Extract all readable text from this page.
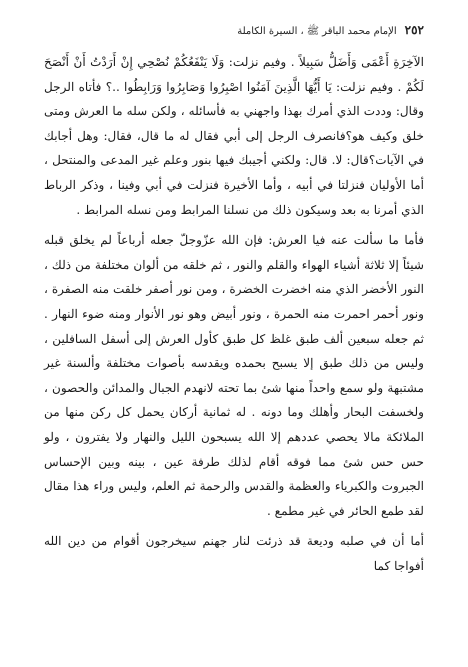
٢٥٢
الإمام محمد الباقر ﷺ ، السيرة الكاملة

الآخِرَةِ أَعْمَى وَأَضَلُّ سَبِيلاً . وفيم نزلت: وَلَا يَنْفَعُكُمْ نُصْحِي إِنْ أَرَدْتُ أَنْ أَنْصَحَ لَكُمْ . وفيم نزلت: يَا أَيُّهَا الَّذِينَ آمَنُوا اصْبِرُوا وَصَابِرُوا وَرَابِطُوا ..؟ فأتاه الرجل وقال: وددت الذي أمرك بهذا واجهني به فأسائله ، ولكن سله ما العرش ومتى خلق وكيف هو؟فانصرف الرجل إلى أبي فقال له ما قال، فقال: وهل أجابك في الآيات؟قال: لا. قال: ولكني أجيبك فيها بنور وعلم غير المدعى والمنتحل ، أما الأوليان فنزلتا في أبيه ، وأما الأخيرة فنزلت في أبي وفينا ، وذكر الرباط الذي أمرنا به بعد وسيكون ذلك من نسلنا المرابط ومن نسله المرابط .

فأما ما سألت عنه فيا العرش: فإن الله عزّوجلّ جعله أرباعاً لم يخلق قبله شيئاً إلا ثلاثة أشياء الهواء والقلم والنور ، ثم خلقه من ألوان مختلفة من ذلك ، النور الأخضر الذي منه اخضرت الخضرة ، ومن نور أصفر خلقت منه الصفرة ، ونور أحمر احمرت منه الحمرة ، ونور أبيض وهو نور الأنوار ومنه ضوء النهار . ثم جعله سبعين ألف طبق غلظ كل طبق كأول العرش إلى أسفل السافلين ، وليس من ذلك طبق إلا يسبح بحمده ويقدسه بأصوات مختلفة وألسنة غير مشتبهة ولو سمع واحداً منها شئ بما تحته لانهدم الجبال والمدائن والحصون ، ولخسفت البحار وأهلك وما دونه . له ثمانية أركان يحمل كل ركن منها من الملائكة مالا يحصي عددهم إلا الله يسبحون الليل والنهار ولا يفترون ، ولو حس حس شئ مما فوقه أقام لذلك طرفة عين ، بينه وبين الإحساس الجبروت والكبرياء والعظمة والقدس والرحمة ثم العلم، وليس وراء هذا مقال لقد طمع الحائر في غير مطمع .

أما أن في صلبه وديعة قد ذرئت لنار جهنم سيخرجون أقوام من دين الله أفواجا كما
